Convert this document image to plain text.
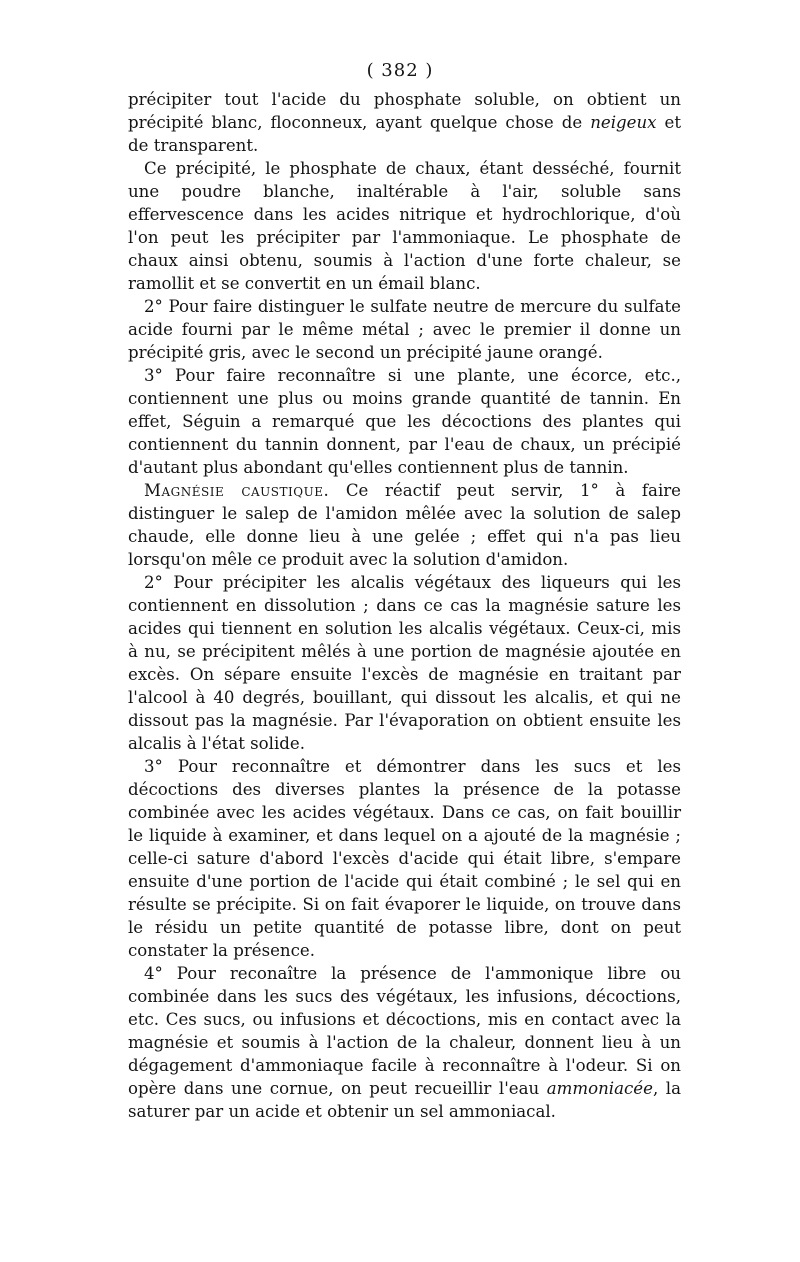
( 382 )

précipiter tout l'acide du phosphate soluble, on obtient un précipité blanc, floconneux, ayant quelque chose de neigeux et de transparent.

Ce précipité, le phosphate de chaux, étant desséché, fournit une poudre blanche, inaltérable à l'air, soluble sans effervescence dans les acides nitrique et hydrochlorique, d'où l'on peut les précipiter par l'ammoniaque. Le phosphate de chaux ainsi obtenu, soumis à l'action d'une forte chaleur, se ramollit et se convertit en un émail blanc.

2° Pour faire distinguer le sulfate neutre de mercure du sulfate acide fourni par le même métal ; avec le premier il donne un précipité gris, avec le second un précipité jaune orangé.

3° Pour faire reconnaître si une plante, une écorce, etc., contiennent une plus ou moins grande quantité de tannin. En effet, Séguin a remarqué que les décoctions des plantes qui contiennent du tannin donnent, par l'eau de chaux, un précipié d'autant plus abondant qu'elles contiennent plus de tannin.

Magnésie caustique. Ce réactif peut servir, 1° à faire distinguer le salep de l'amidon mêlée avec la solution de salep chaude, elle donne lieu à une gelée ; effet qui n'a pas lieu lorsqu'on mêle ce produit avec la solution d'amidon.

2° Pour précipiter les alcalis végétaux des liqueurs qui les contiennent en dissolution ; dans ce cas la magnésie sature les acides qui tiennent en solution les alcalis végétaux. Ceux-ci, mis à nu, se précipitent mêlés à une portion de magnésie ajoutée en excès. On sépare ensuite l'excès de magnésie en traitant par l'alcool à 40 degrés, bouillant, qui dissout les alcalis, et qui ne dissout pas la magnésie. Par l'évaporation on obtient ensuite les alcalis à l'état solide.

3° Pour reconnaître et démontrer dans les sucs et les décoctions des diverses plantes la présence de la potasse combinée avec les acides végétaux. Dans ce cas, on fait bouillir le liquide à examiner, et dans lequel on a ajouté de la magnésie ; celle-ci sature d'abord l'excès d'acide qui était libre, s'empare ensuite d'une portion de l'acide qui était combiné ; le sel qui en résulte se précipite. Si on fait évaporer le liquide, on trouve dans le résidu un petite quantité de potasse libre, dont on peut constater la présence.

4° Pour reconaître la présence de l'ammonique libre ou combinée dans les sucs des végétaux, les infusions, décoctions, etc. Ces sucs, ou infusions et décoctions, mis en contact avec la magnésie et soumis à l'action de la chaleur, donnent lieu à un dégagement d'ammoniaque facile à reconnaître à l'odeur. Si on opère dans une cornue, on peut recueillir l'eau ammoniacée, la saturer par un acide et obtenir un sel ammoniacal.
